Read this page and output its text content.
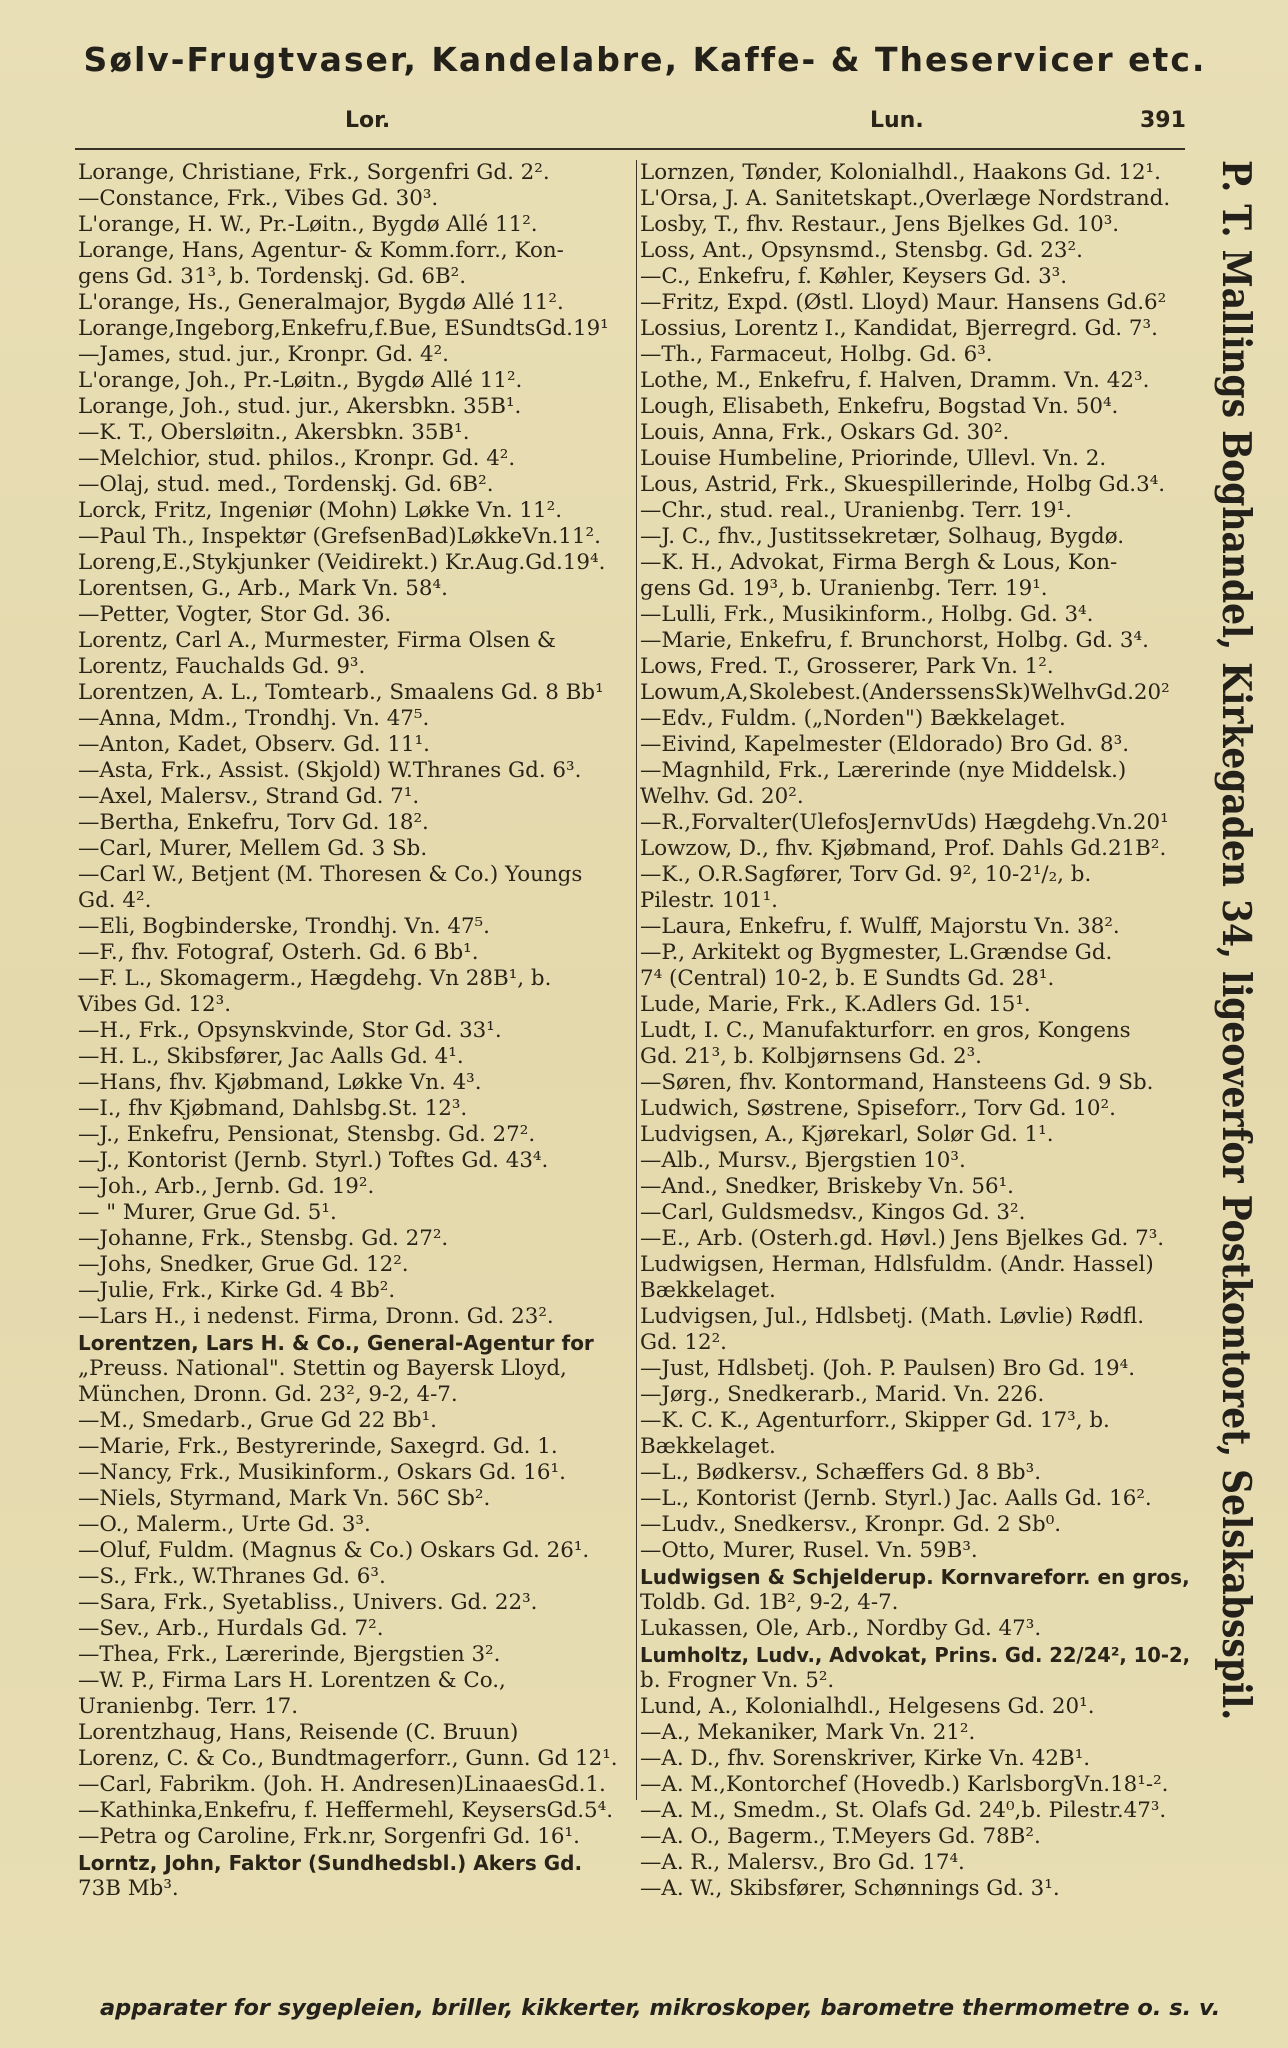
Sølv-Frugtvaser, Kandelabre, Kaffe- & Theservicer etc.
Lor.	Lun.	391
Lorange, Christiane, Frk., Sorgenfri Gd. 2².
—Constance, Frk., Vibes Gd. 30³.
L'orange, H. W., Pr.-Løitn., Bygdø Allé 11².
Lorange, Hans, Agentur- & Komm.forr., Kon-
gens Gd. 31³, b. Tordenskj. Gd. 6B².
L'orange, Hs., Generalmajor, Bygdø Allé 11².
Lorange,Ingeborg,Enkefru,f.Bue, ESundtsGd.19¹
—James, stud. jur., Kronpr. Gd. 4².
L'orange, Joh., Pr.-Løitn., Bygdø Allé 11².
Lorange, Joh., stud. jur., Akersbkn. 35B¹.
—K. T., Obersløitn., Akersbkn. 35B¹.
—Melchior, stud. philos., Kronpr. Gd. 4².
—Olaj, stud. med., Tordenskj. Gd. 6B².
Lorck, Fritz, Ingeniør (Mohn) Løkke Vn. 11².
—Paul Th., Inspektør (GrefsenBad)LøkkeVn.11².
Loreng,E.,Stykjunker (Veidirekt.) Kr.Aug.Gd.19⁴.
Lorentsen, G., Arb., Mark Vn. 58⁴.
—Petter, Vogter, Stor Gd. 36.
Lorentz, Carl A., Murmester, Firma Olsen &
Lorentz, Fauchalds Gd. 9³.
Lorentzen, A. L., Tomtearb., Smaalens Gd. 8 Bb¹
—Anna, Mdm., Trondhj. Vn. 47⁵.
—Anton, Kadet, Observ. Gd. 11¹.
—Asta, Frk., Assist. (Skjold) W.Thranes Gd. 6³.
—Axel, Malersv., Strand Gd. 7¹.
—Bertha, Enkefru, Torv Gd. 18².
—Carl, Murer, Mellem Gd. 3 Sb.
—Carl W., Betjent (M. Thoresen & Co.) Youngs
Gd. 4².
—Eli, Bogbinderske, Trondhj. Vn. 47⁵.
—F., fhv. Fotograf, Osterh. Gd. 6 Bb¹.
—F. L., Skomagerm., Hægdehg. Vn 28B¹, b.
Vibes Gd. 12³.
—H., Frk., Opsynskvinde, Stor Gd. 33¹.
—H. L., Skibsfører, Jac Aalls Gd. 4¹.
—Hans, fhv. Kjøbmand, Løkke Vn. 4³.
—I., fhv Kjøbmand, Dahlsbg.St. 12³.
—J., Enkefru, Pensionat, Stensbg. Gd. 27².
—J., Kontorist (Jernb. Styrl.) Toftes Gd. 43⁴.
—Joh., Arb., Jernb. Gd. 19².
— " Murer, Grue Gd. 5¹.
—Johanne, Frk., Stensbg. Gd. 27².
—Johs, Snedker, Grue Gd. 12².
—Julie, Frk., Kirke Gd. 4 Bb².
—Lars H., i nedenst. Firma, Dronn. Gd. 23².
Lorentzen, Lars H. & Co., General-Agentur for
„Preuss. National". Stettin og Bayersk Lloyd,
München, Dronn. Gd. 23², 9-2, 4-7.
—M., Smedarb., Grue Gd 22 Bb¹.
—Marie, Frk., Bestyrerinde, Saxegrd. Gd. 1.
—Nancy, Frk., Musikinform., Oskars Gd. 16¹.
—Niels, Styrmand, Mark Vn. 56C Sb².
—O., Malerm., Urte Gd. 3³.
—Oluf, Fuldm. (Magnus & Co.) Oskars Gd. 26¹.
—S., Frk., W.Thranes Gd. 6³.
—Sara, Frk., Syetabliss., Univers. Gd. 22³.
—Sev., Arb., Hurdals Gd. 7².
—Thea, Frk., Lærerinde, Bjergstien 3².
—W. P., Firma Lars H. Lorentzen & Co.,
Uranienbg. Terr. 17.
Lorentzhaug, Hans, Reisende (C. Bruun)
Lorenz, C. & Co., Bundtmagerforr., Gunn. Gd 12¹.
—Carl, Fabrikm. (Joh. H. Andresen)LinaaesGd.1.
—Kathinka,Enkefru, f. Heffermehl, KeysersGd.5⁴.
—Petra og Caroline, Frk.nr, Sorgenfri Gd. 16¹.
Lorntz, John, Faktor (Sundhedsbl.) Akers Gd.
73B Mb³.
Lornzen, Tønder, Kolonialhdl., Haakons Gd. 12¹.
L'Orsa, J. A. Sanitetskapt.,Overlæge Nordstrand.
Losby, T., fhv. Restaur., Jens Bjelkes Gd. 10³.
Loss, Ant., Opsynsmd., Stensbg. Gd. 23².
—C., Enkefru, f. Køhler, Keysers Gd. 3³.
—Fritz, Expd. (Østl. Lloyd) Maur. Hansens Gd.6²
Lossius, Lorentz I., Kandidat, Bjerregrd. Gd. 7³.
—Th., Farmaceut, Holbg. Gd. 6³.
Lothe, M., Enkefru, f. Halven, Dramm. Vn. 42³.
Lough, Elisabeth, Enkefru, Bogstad Vn. 50⁴.
Louis, Anna, Frk., Oskars Gd. 30².
Louise Humbeline, Priorinde, Ullevl. Vn. 2.
Lous, Astrid, Frk., Skuespillerinde, Holbg Gd.3⁴.
—Chr., stud. real., Uranienbg. Terr. 19¹.
—J. C., fhv., Justitssekretær, Solhaug, Bygdø.
—K. H., Advokat, Firma Bergh & Lous, Kon-
gens Gd. 19³, b. Uranienbg. Terr. 19¹.
—Lulli, Frk., Musikinform., Holbg. Gd. 3⁴.
—Marie, Enkefru, f. Brunchorst, Holbg. Gd. 3⁴.
Lows, Fred. T., Grosserer, Park Vn. 1².
Lowum,A,Skolebest.(AnderssensSk)WelhvGd.20²
—Edv., Fuldm. („Norden") Bækkelaget.
—Eivind, Kapelmester (Eldorado) Bro Gd. 8³.
—Magnhild, Frk., Lærerinde (nye Middelsk.)
Welhv. Gd. 20².
—R.,Forvalter(UlefosJernvUds) Hægdehg.Vn.20¹
Lowzow, D., fhv. Kjøbmand, Prof. Dahls Gd.21B².
—K., O.R.Sagfører, Torv Gd. 9², 10-2¹/₂, b.
Pilestr. 101¹.
—Laura, Enkefru, f. Wulff, Majorstu Vn. 38².
—P., Arkitekt og Bygmester, L.Grændse Gd.
7⁴ (Central) 10-2, b. E Sundts Gd. 28¹.
Lude, Marie, Frk., K.Adlers Gd. 15¹.
Ludt, I. C., Manufakturforr. en gros, Kongens
Gd. 21³, b. Kolbjørnsens Gd. 2³.
—Søren, fhv. Kontormand, Hansteens Gd. 9 Sb.
Ludwich, Søstrene, Spiseforr., Torv Gd. 10².
Ludvigsen, A., Kjørekarl, Solør Gd. 1¹.
—Alb., Mursv., Bjergstien 10³.
—And., Snedker, Briskeby Vn. 56¹.
—Carl, Guldsmedsv., Kingos Gd. 3².
—E., Arb. (Osterh.gd. Høvl.) Jens Bjelkes Gd. 7³.
Ludwigsen, Herman, Hdlsfuldm. (Andr. Hassel)
Bækkelaget.
Ludvigsen, Jul., Hdlsbetj. (Math. Løvlie) Rødfl.
Gd. 12².
—Just, Hdlsbetj. (Joh. P. Paulsen) Bro Gd. 19⁴.
—Jørg., Snedkerarb., Marid. Vn. 226.
—K. C. K., Agenturforr., Skipper Gd. 17³, b.
Bækkelaget.
—L., Bødkersv., Schæffers Gd. 8 Bb³.
—L., Kontorist (Jernb. Styrl.) Jac. Aalls Gd. 16².
—Ludv., Snedkersv., Kronpr. Gd. 2 Sb⁰.
—Otto, Murer, Rusel. Vn. 59B³.
Ludwigsen & Schjelderup. Kornvareforr. en gros,
Toldb. Gd. 1B², 9-2, 4-7.
Lukassen, Ole, Arb., Nordby Gd. 47³.
Lumholtz, Ludv., Advokat, Prins. Gd. 22/24², 10-2,
b. Frogner Vn. 5².
Lund, A., Kolonialhdl., Helgesens Gd. 20¹.
—A., Mekaniker, Mark Vn. 21².
—A. D., fhv. Sorenskriver, Kirke Vn. 42B¹.
—A. M.,Kontorchef (Hovedb.) KarlsborgVn.18¹-².
—A. M., Smedm., St. Olafs Gd. 24⁰,b. Pilestr.47³.
—A. O., Bagerm., T.Meyers Gd. 78B².
—A. R., Malersv., Bro Gd. 17⁴.
—A. W., Skibsfører, Schønnings Gd. 3¹.
P. T. Mallings Boghandel, Kirkegaden 34, ligeoverfor Postkontoret, Selskabsspil.
apparater for sygepleien, briller, kikkerter, mikroskoper, barometre thermometre o. s. v.
